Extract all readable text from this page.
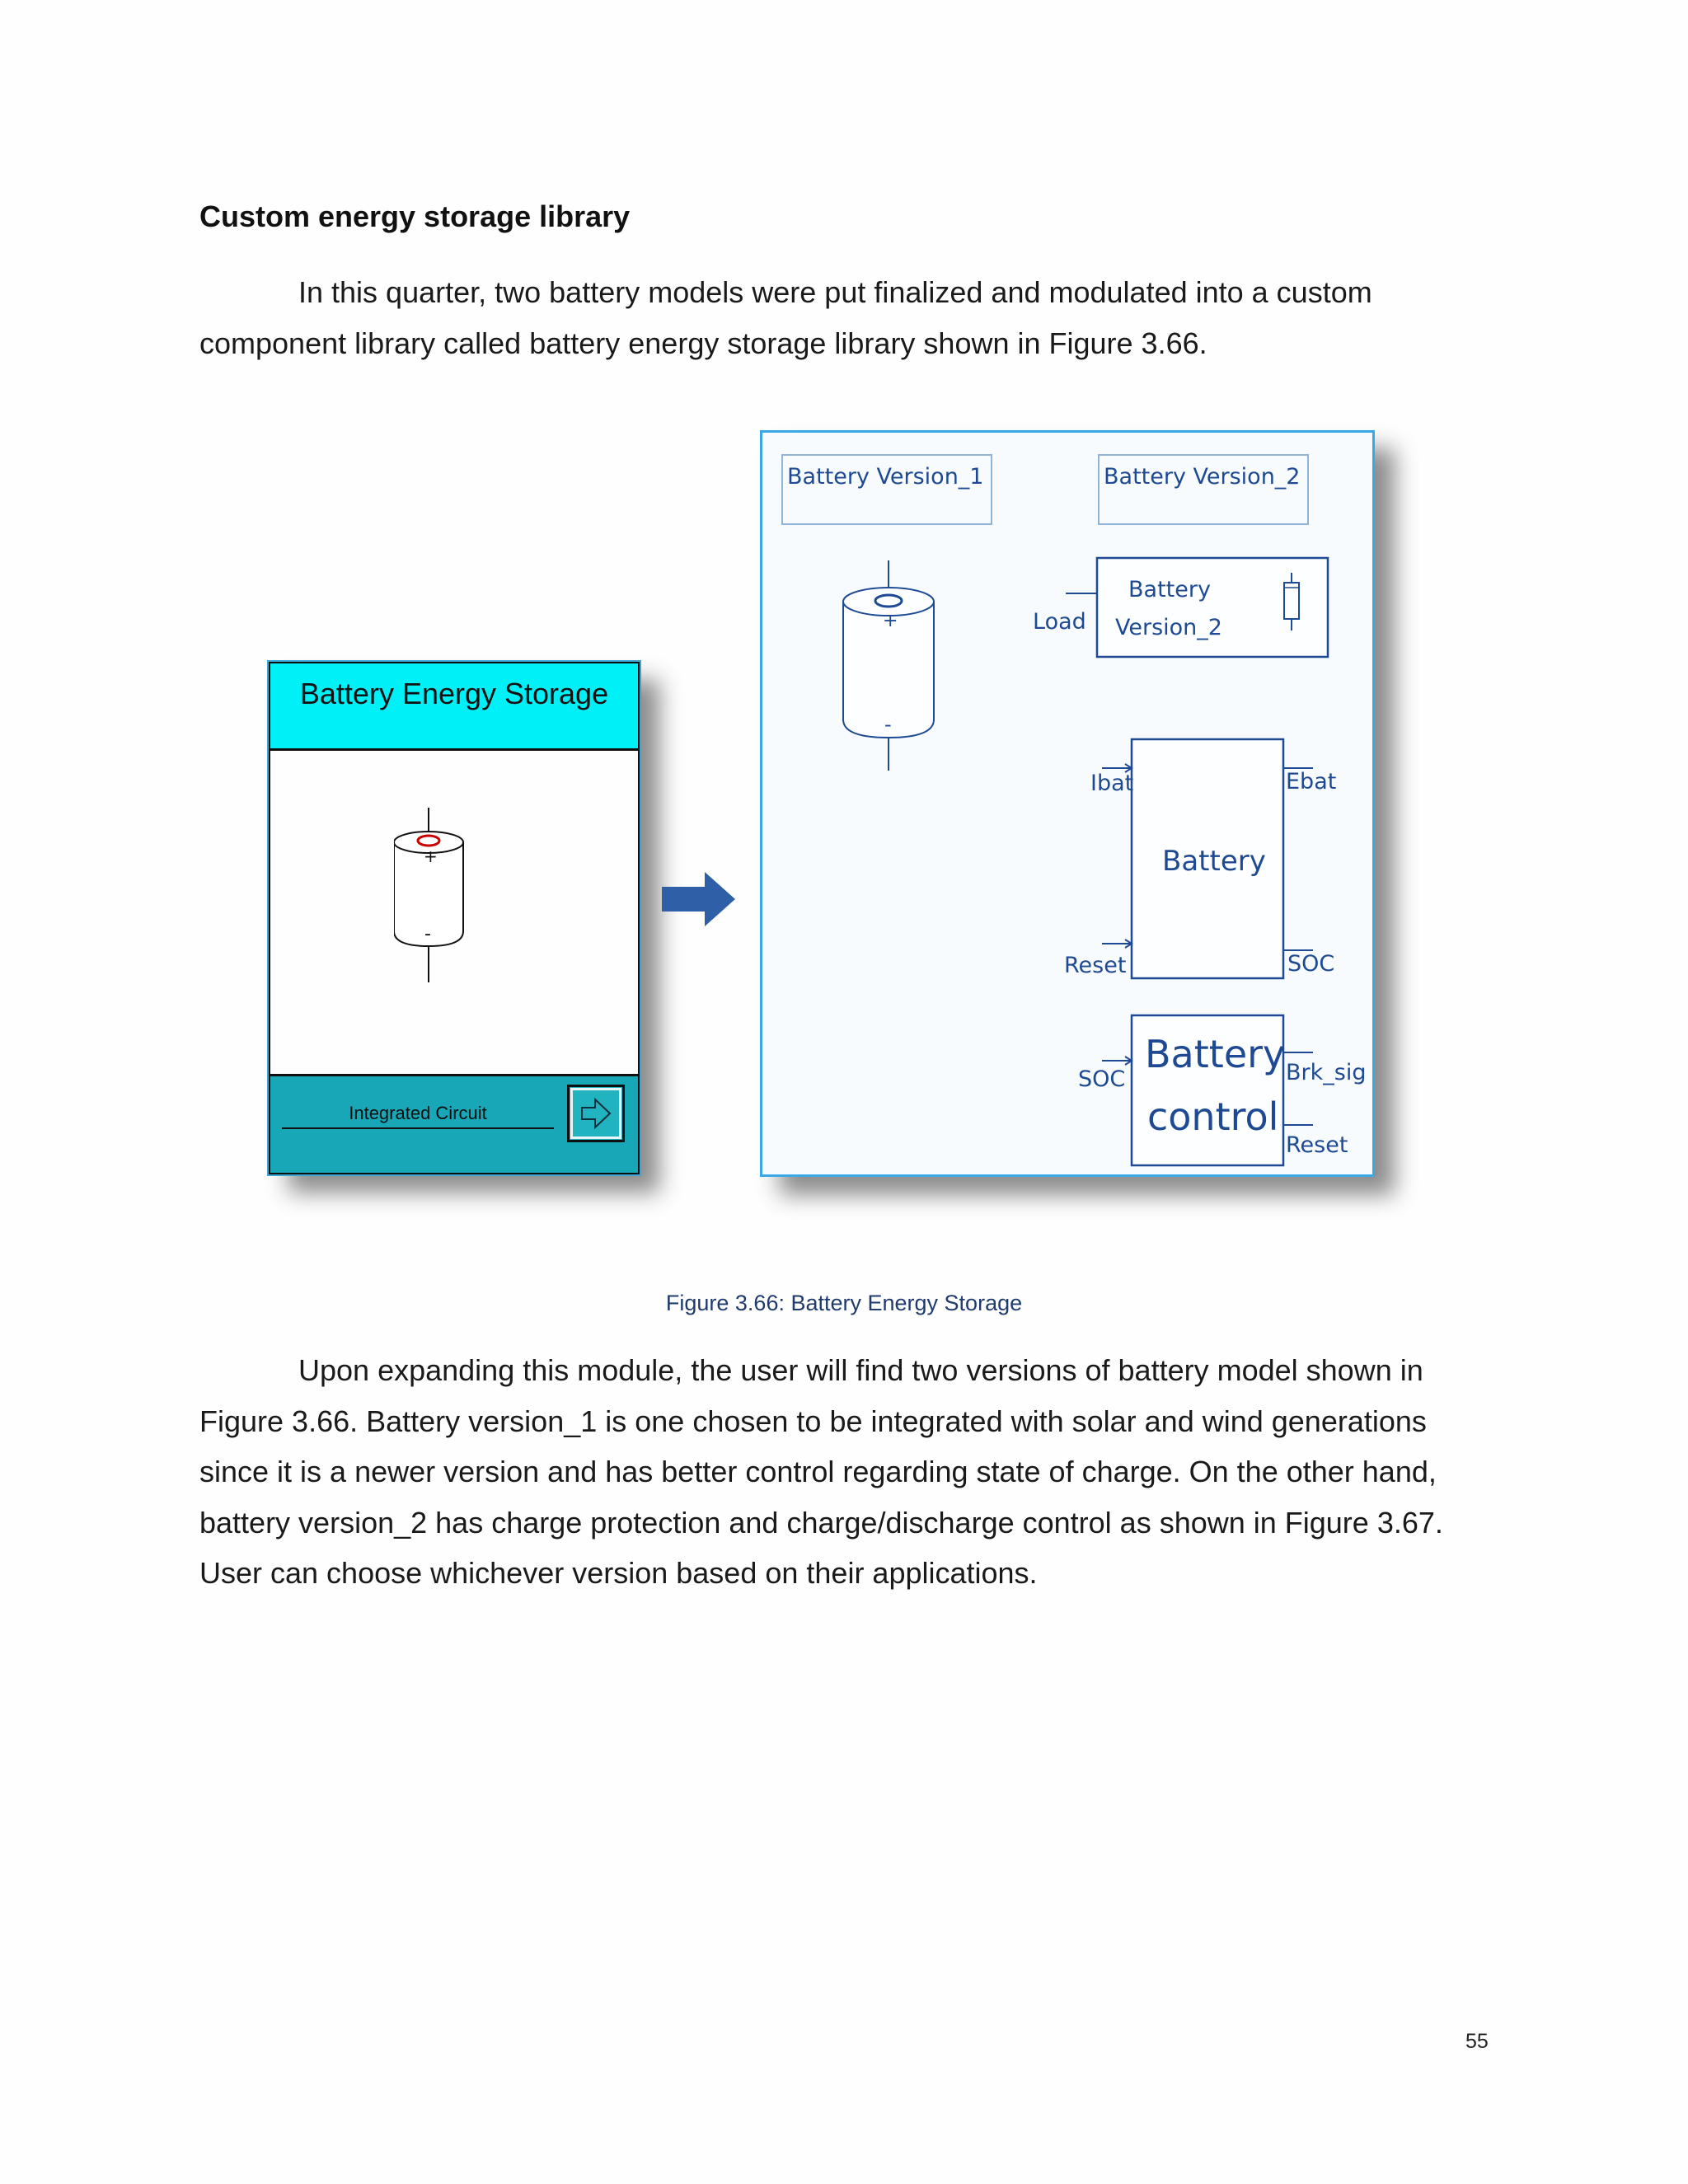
Custom energy storage library
In this quarter, two battery models were put finalized and modulated into a custom component library called battery energy storage library shown in Figure 3.66.
Battery Energy Storage
+
-
Integrated Circuit
Battery Version_1	Battery Version_2
+
-
Load
Battery
Version_2
Ibat	Ebat
Battery
Reset	SOC
SOC
Battery
control
Brk_sig
Reset
Figure 3.66: Battery Energy Storage
Upon expanding this module, the user will find two versions of battery model shown in Figure 3.66. Battery version_1 is one chosen to be integrated with solar and wind generations since it is a newer version and has better control regarding state of charge. On the other hand, battery version_2 has charge protection and charge/discharge control as shown in Figure 3.67. User can choose whichever version based on their applications.
55
